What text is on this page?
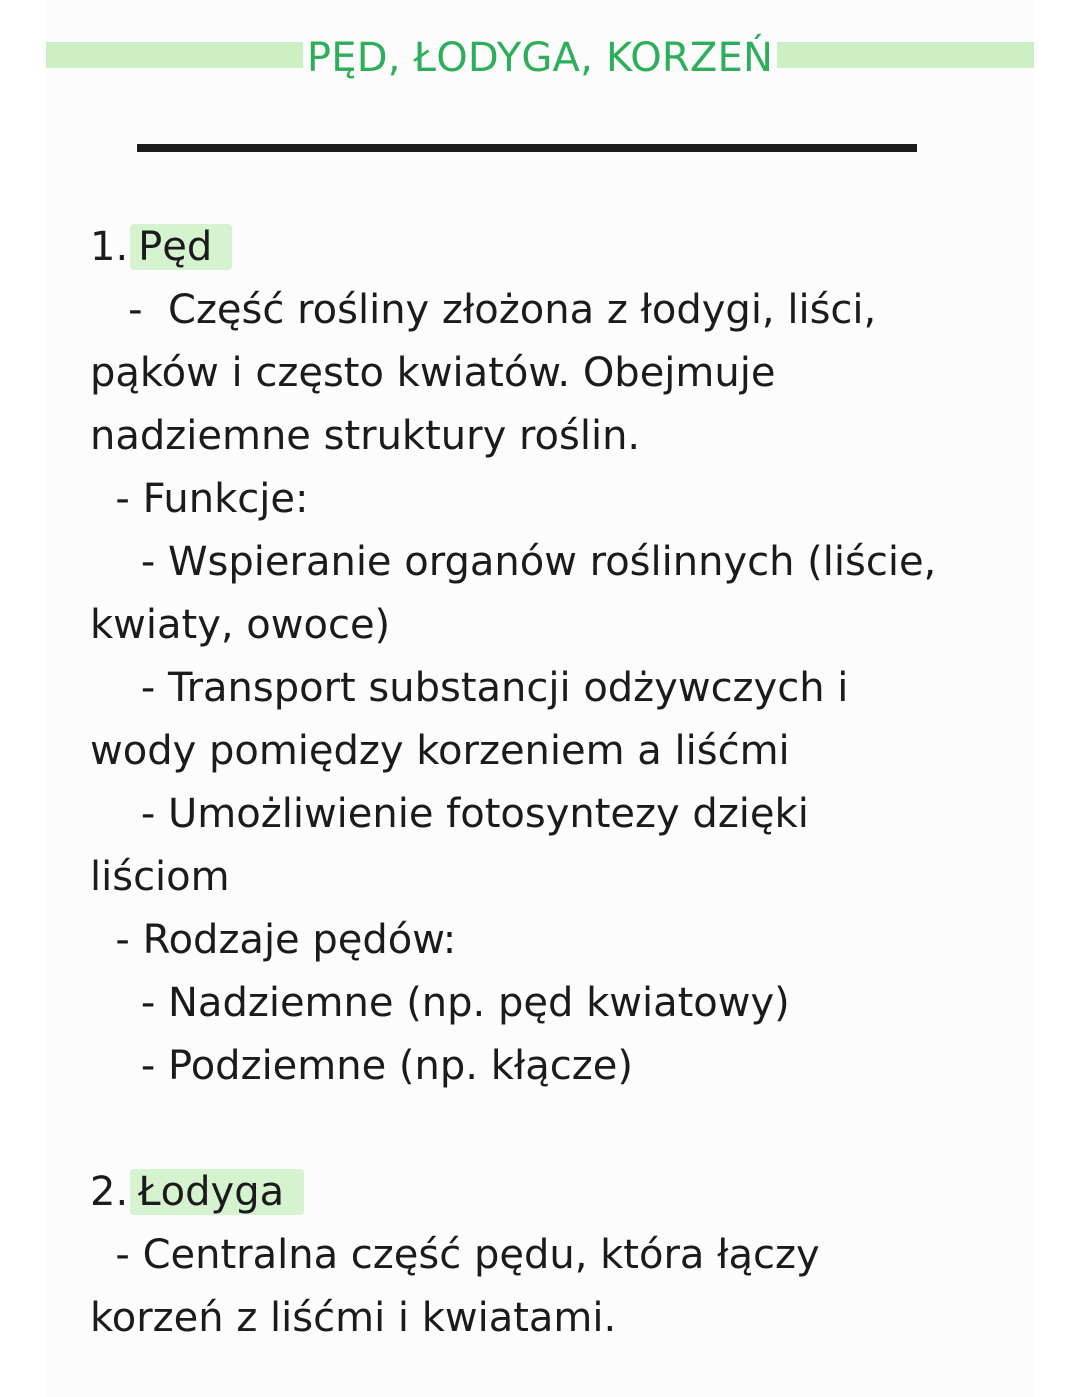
PĘD, ŁODYGA, KORZEŃ
1. Pęd
-  Część rośliny złożona z łodygi, liści,
pąków i często kwiatów. Obejmuje
nadziemne struktury roślin.
- Funkcje:
- Wspieranie organów roślinnych (liście,
kwiaty, owoce)
- Transport substancji odżywczych i
wody pomiędzy korzeniem a liśćmi
- Umożliwienie fotosyntezy dzięki
liściom
- Rodzaje pędów:
- Nadziemne (np. pęd kwiatowy)
- Podziemne (np. kłącze)
2. Łodyga
- Centralna część pędu, która łączy
korzeń z liśćmi i kwiatami.
